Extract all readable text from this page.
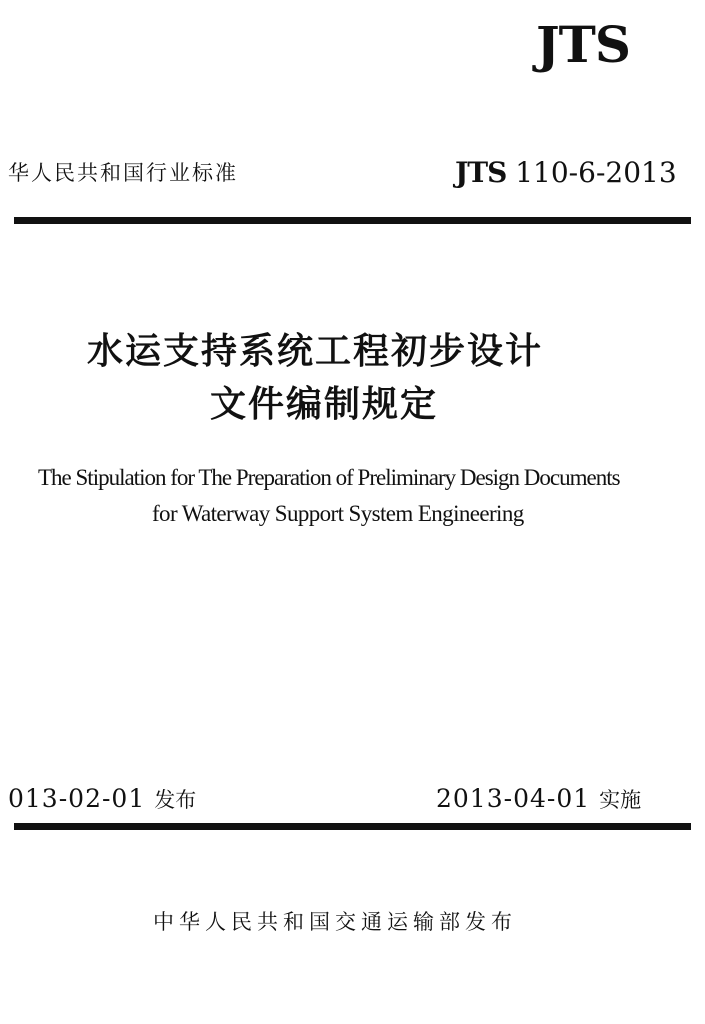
JTS
华人民共和国行业标准	JTS 110-6-2013
水运支持系统工程初步设计
文件编制规定
The Stipulation for The Preparation of Preliminary Design Documents
for Waterway Support System Engineering
013-02-01 发布	2013-04-01 实施
中华人民共和国交通运输部发布
